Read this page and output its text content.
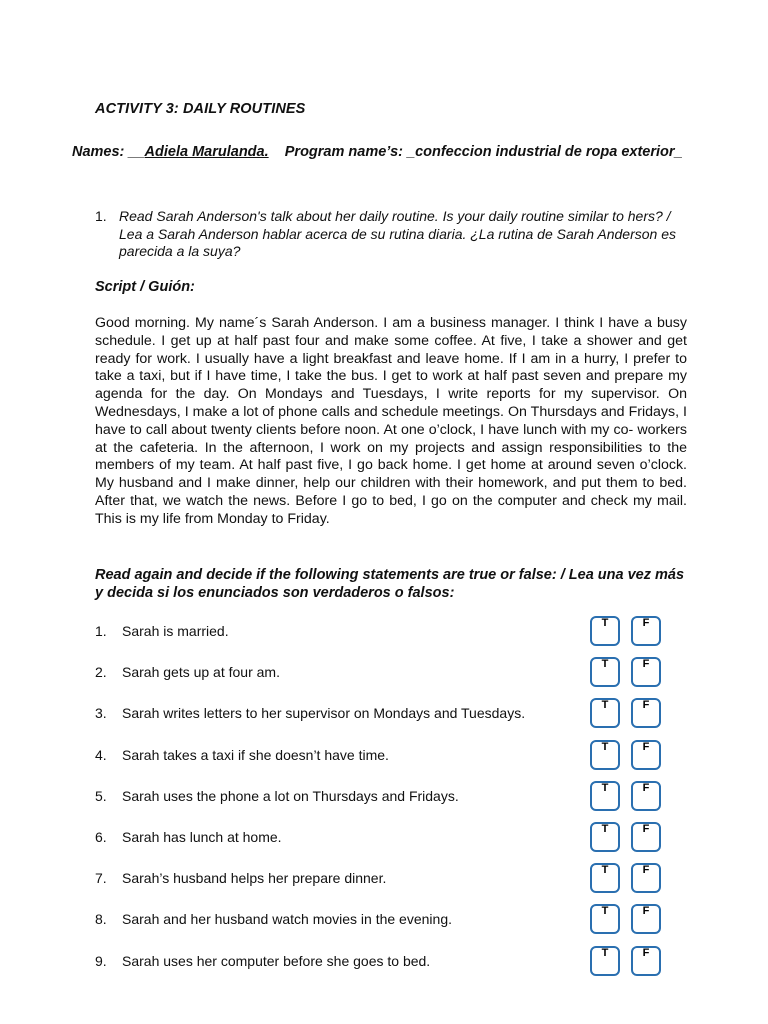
ACTIVITY 3: DAILY ROUTINES
Names: __Adiela Marulanda. Program name’s: _confeccion industrial de ropa exterior_
1. Read Sarah Anderson's talk about her daily routine. Is your daily routine similar to hers? / Lea a Sarah Anderson hablar acerca de su rutina diaria. ¿La rutina de Sarah Anderson es parecida a la suya?
Script / Guión:
Good morning. My name´s Sarah Anderson. I am a business manager. I think I have a busy schedule. I get up at half past four and make some coffee. At five, I take a shower and get ready for work. I usually have a light breakfast and leave home. If I am in a hurry, I prefer to take a taxi, but if I have time, I take the bus. I get to work at half past seven and prepare my agenda for the day. On Mondays and Tuesdays, I write reports for my supervisor. On Wednesdays, I make a lot of phone calls and schedule meetings. On Thursdays and Fridays, I have to call about twenty clients before noon. At one o’clock, I have lunch with my co- workers at the cafeteria. In the afternoon, I work on my projects and assign responsibilities to the members of my team. At half past five, I go back home. I get home at around seven o’clock. My husband and I make dinner, help our children with their homework, and put them to bed. After that, we watch the news. Before I go to bed, I go on the computer and check my mail. This is my life from Monday to Friday.
Read again and decide if the following statements are true or false: / Lea una vez más y decida si los enunciados son verdaderos o falsos:
1. Sarah is married.	T	F
2. Sarah gets up at four am.	T	F
3. Sarah writes letters to her supervisor on Mondays and Tuesdays.	T	F
4. Sarah takes a taxi if she doesn’t have time.	T	F
5. Sarah uses the phone a lot on Thursdays and Fridays.	T	F
6. Sarah has lunch at home.	T	F
7. Sarah’s husband helps her prepare dinner.	T	F
8. Sarah and her husband watch movies in the evening.	T	F
9. Sarah uses her computer before she goes to bed.	T	F
